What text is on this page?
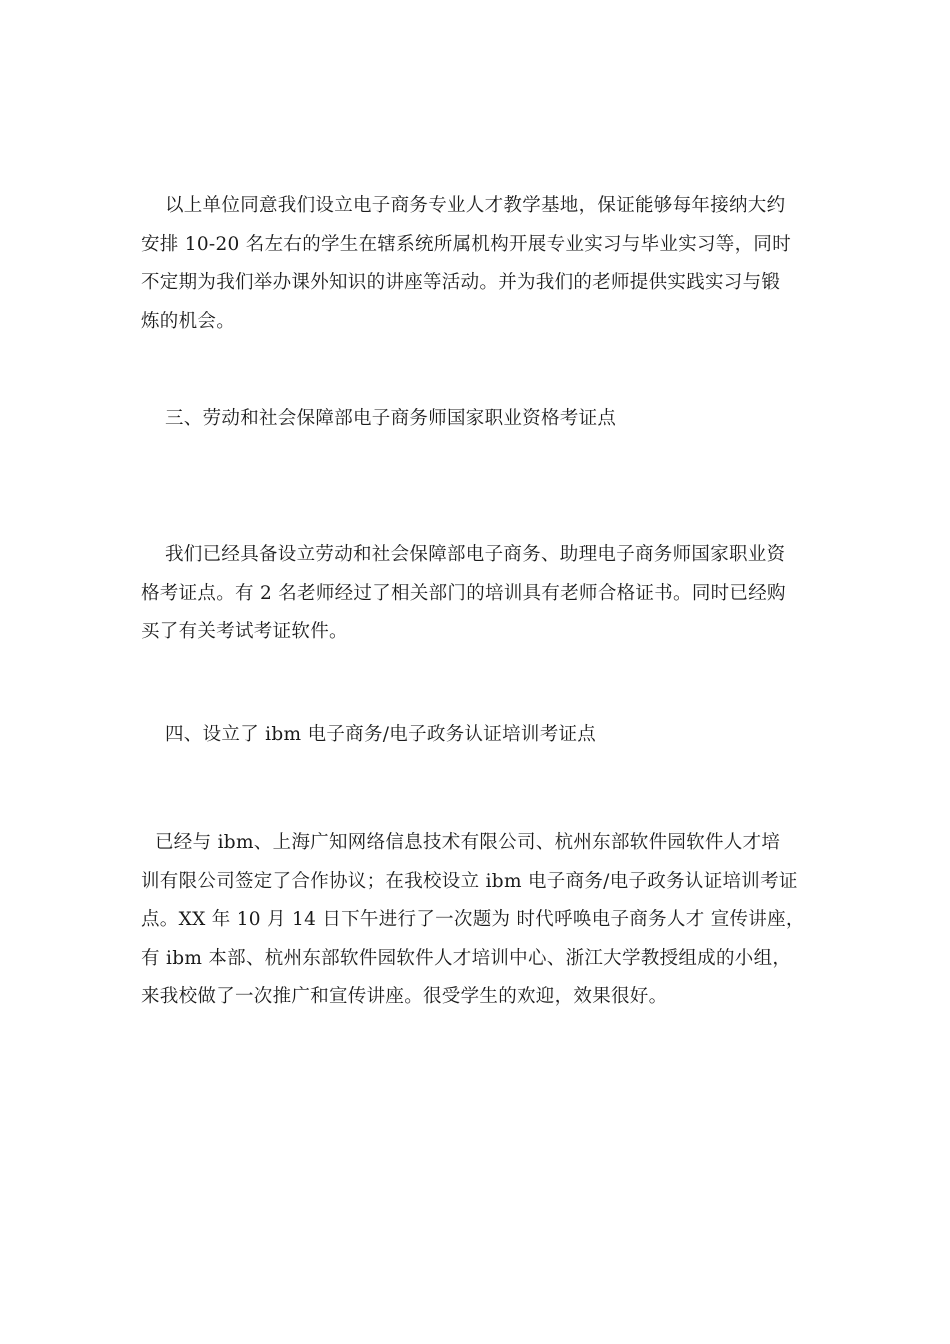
以上单位同意我们设立电子商务专业人才教学基地，保证能够每年接纳大约
安排 10-20 名左右的学生在辖系统所属机构开展专业实习与毕业实习等，同时
不定期为我们举办课外知识的讲座等活动。并为我们的老师提供实践实习与锻
炼的机会。
三、劳动和社会保障部电子商务师国家职业资格考证点
我们已经具备设立劳动和社会保障部电子商务、助理电子商务师国家职业资
格考证点。有 2 名老师经过了相关部门的培训具有老师合格证书。同时已经购
买了有关考试考证软件。
四、设立了 ibm 电子商务/电子政务认证培训考证点
已经与 ibm、上海广知网络信息技术有限公司、杭州东部软件园软件人才培
训有限公司签定了合作协议；在我校设立 ibm 电子商务/电子政务认证培训考证
点。XX 年 10 月 14 日下午进行了一次题为 时代呼唤电子商务人才 宣传讲座，
有 ibm 本部、杭州东部软件园软件人才培训中心、浙江大学教授组成的小组，
来我校做了一次推广和宣传讲座。很受学生的欢迎，效果很好。
